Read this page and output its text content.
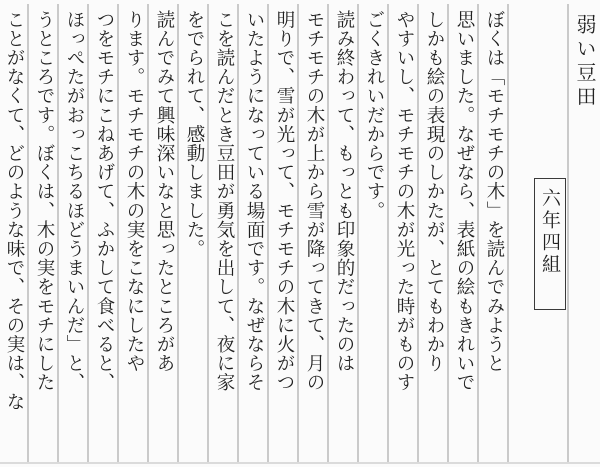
弱い豆田
六年四組
ぼくは「モチモチの木」を読んでみようと
思いました。なぜなら、表紙の絵もきれいで
しかも絵の表現のしかたが、とてもわかり
やすいし、モチモチの木が光った時がものす
ごくきれいだからです。
読み終わって、もっとも印象的だったのは
モチモチの木が上から雪が降ってきて、月の
明りで、雪が光って、モチモチの木に火がつ
いたようになっている場面です。なぜならそ
こを読んだとき豆田が勇気を出して、夜に家
をでられて、感動しました。
読んでみて興味深いなと思ったところがあ
ります。モチモチの木の実をこなにしたや
つをモチにこねあげて、ふかして食べると、
ほっぺたがおっこちるほどうまいんだ」と、
うところです。ぼくは、木の実をモチにした
ことがなくて、どのような味で、その実は、な
